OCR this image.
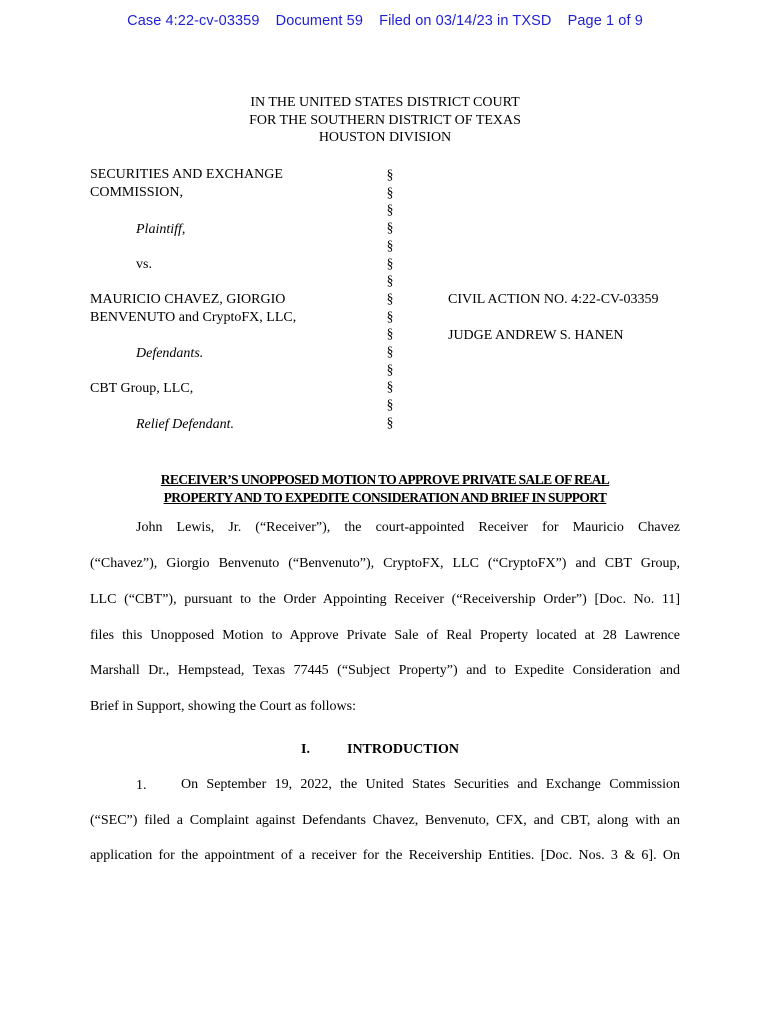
Case 4:22-cv-03359 Document 59 Filed on 03/14/23 in TXSD Page 1 of 9
IN THE UNITED STATES DISTRICT COURT
FOR THE SOUTHERN DISTRICT OF TEXAS
HOUSTON DIVISION
SECURITIES AND EXCHANGE
COMMISSION,
Plaintiff,
vs.
MAURICIO CHAVEZ, GIORGIO
BENVENUTO and CryptoFX, LLC,
Defendants.
CBT Group, LLC,
Relief Defendant.
§
§
§
§
§
§
§
§
§
§
§
§
§
§
§
CIVIL ACTION NO. 4:22-CV-03359
JUDGE ANDREW S. HANEN
RECEIVER’S UNOPPOSED MOTION TO APPROVE PRIVATE SALE OF REAL
PROPERTY AND TO EXPEDITE CONSIDERATION AND BRIEF IN SUPPORT
John Lewis, Jr. (“Receiver”), the court-appointed Receiver for Mauricio Chavez
(“Chavez”), Giorgio Benvenuto (“Benvenuto”), CryptoFX, LLC (“CryptoFX”) and CBT Group,
LLC (“CBT”), pursuant to the Order Appointing Receiver (“Receivership Order”) [Doc. No. 11]
files this Unopposed Motion to Approve Private Sale of Real Property located at 28 Lawrence
Marshall Dr., Hempstead, Texas 77445 (“Subject Property”) and to Expedite Consideration and
Brief in Support, showing the Court as follows:
I.	INTRODUCTION
1. On September 19, 2022, the United States Securities and Exchange Commission
(“SEC”) filed a Complaint against Defendants Chavez, Benvenuto, CFX, and CBT, along with an
application for the appointment of a receiver for the Receivership Entities. [Doc. Nos. 3 & 6]. On
